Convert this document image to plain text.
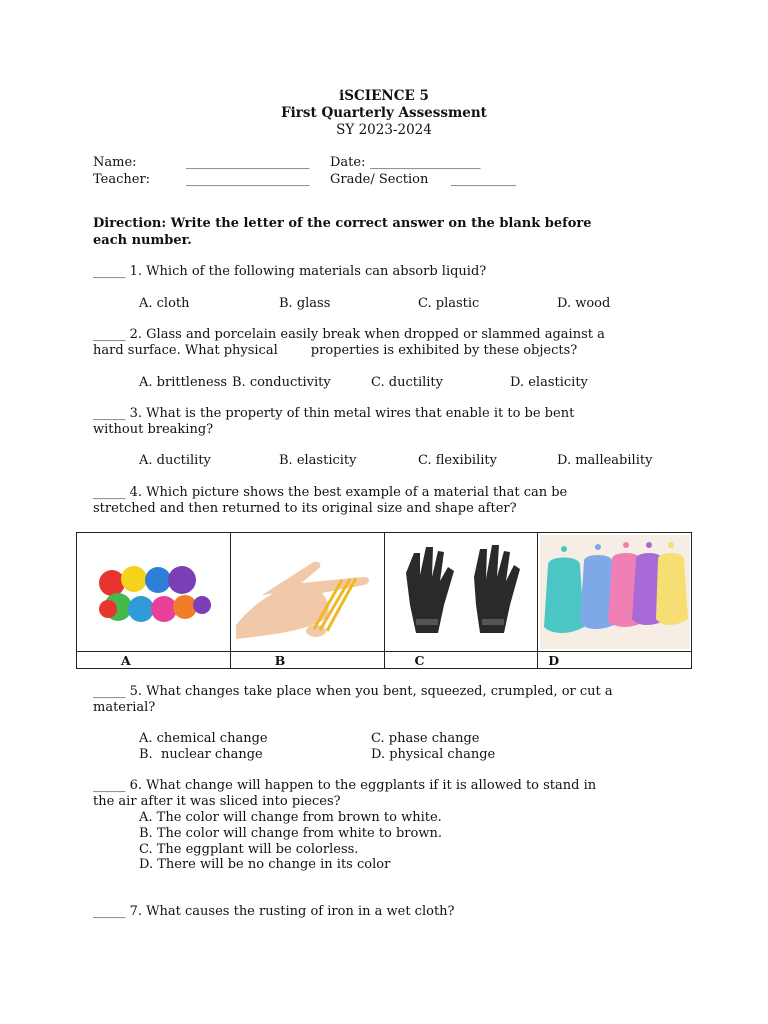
iSCIENCE 5
First Quarterly Assessment
SY 2023-2024
Name:	___________________ Date: _________________
Teacher:	___________________ Grade/ Section __________
Direction: Write the letter of the correct answer on the blank before
each number.
_____ 1. Which of the following materials can absorb liquid?
A. cloth	B. glass	C. plastic	D. wood
_____ 2. Glass and porcelain easily break when dropped or slammed against a
hard surface. What physical        properties is exhibited by these objects?
A. brittleness B. conductivity	C. ductility	D. elasticity
_____ 3. What is the property of thin metal wires that enable it to be bent
without breaking?
A. ductility	B. elasticity	C. flexibility	D. malleability
_____ 4. Which picture shows the best example of a material that can be
stretched and then returned to its original size and shape after?

A	B	C	D
_____ 5. What changes take place when you bent, squeezed, crumpled, or cut a
material?
A. chemical change	C. phase change
B.  nuclear change	D. physical change
_____ 6. What change will happen to the eggplants if it is allowed to stand in
the air after it was sliced into pieces?
A. The color will change from brown to white.
B. The color will change from white to brown.
C. The eggplant will be colorless.
D. There will be no change in its color
_____ 7. What causes the rusting of iron in a wet cloth?
